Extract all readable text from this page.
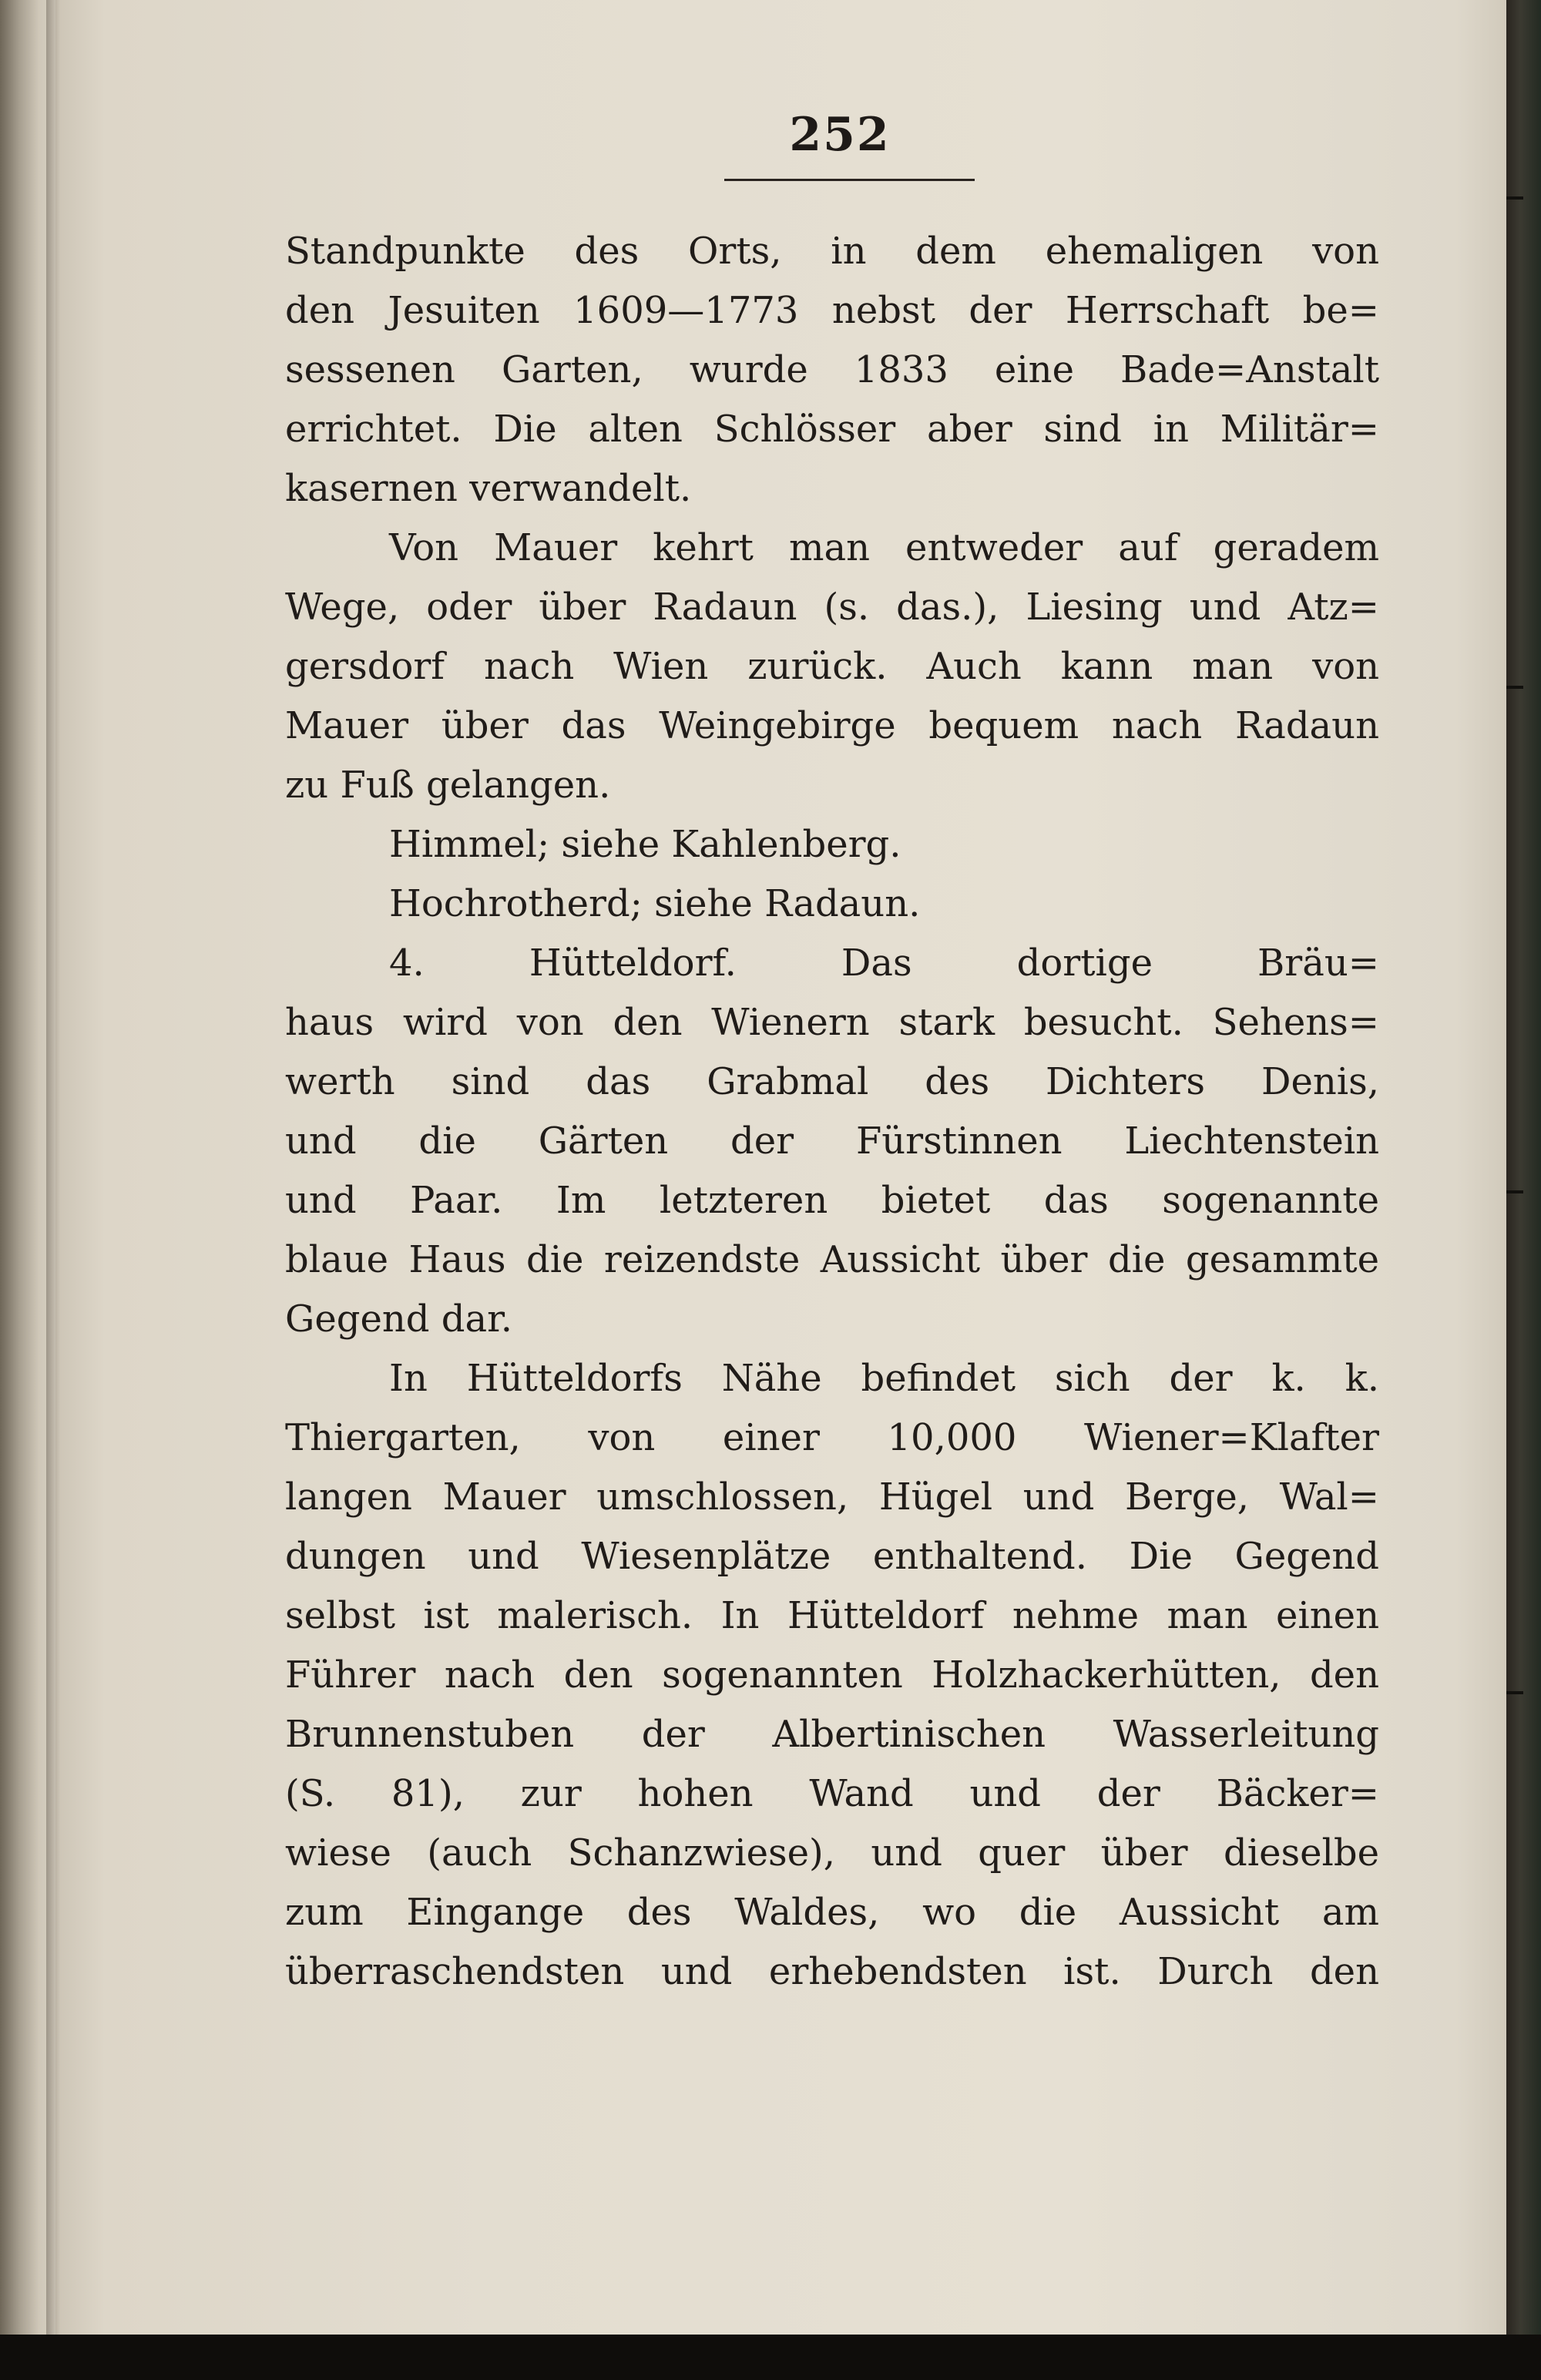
252
Standpunkte des Orts, in dem ehemaligen von
den Jesuiten 1609—1773 nebst der Herrschaft be=
sessenen Garten, wurde 1833 eine Bade=Anstalt
errichtet. Die alten Schlösser aber sind in Militär=
kasernen verwandelt.
Von Mauer kehrt man entweder auf geradem
Wege, oder über Radaun (s. das.), Liesing und Atz=
gersdorf nach Wien zurück. Auch kann man von
Mauer über das Weingebirge bequem nach Radaun
zu Fuß gelangen.
Himmel; siehe Kahlenberg.
Hochrotherd; siehe Radaun.
4. Hütteldorf. Das dortige Bräu=
haus wird von den Wienern stark besucht. Sehens=
werth sind das Grabmal des Dichters Denis,
und die Gärten der Fürstinnen Liechtenstein
und Paar. Im letzteren bietet das sogenannte
blaue Haus die reizendste Aussicht über die gesammte
Gegend dar.
In Hütteldorfs Nähe befindet sich der k. k.
Thiergarten, von einer 10,000 Wiener=Klafter
langen Mauer umschlossen, Hügel und Berge, Wal=
dungen und Wiesenplätze enthaltend. Die Gegend
selbst ist malerisch. In Hütteldorf nehme man einen
Führer nach den sogenannten Holzhackerhütten, den
Brunnenstuben der Albertinischen Wasserleitung
(S. 81), zur hohen Wand und der Bäcker=
wiese (auch Schanzwiese), und quer über dieselbe
zum Eingange des Waldes, wo die Aussicht am
überraschendsten und erhebendsten ist. Durch den
